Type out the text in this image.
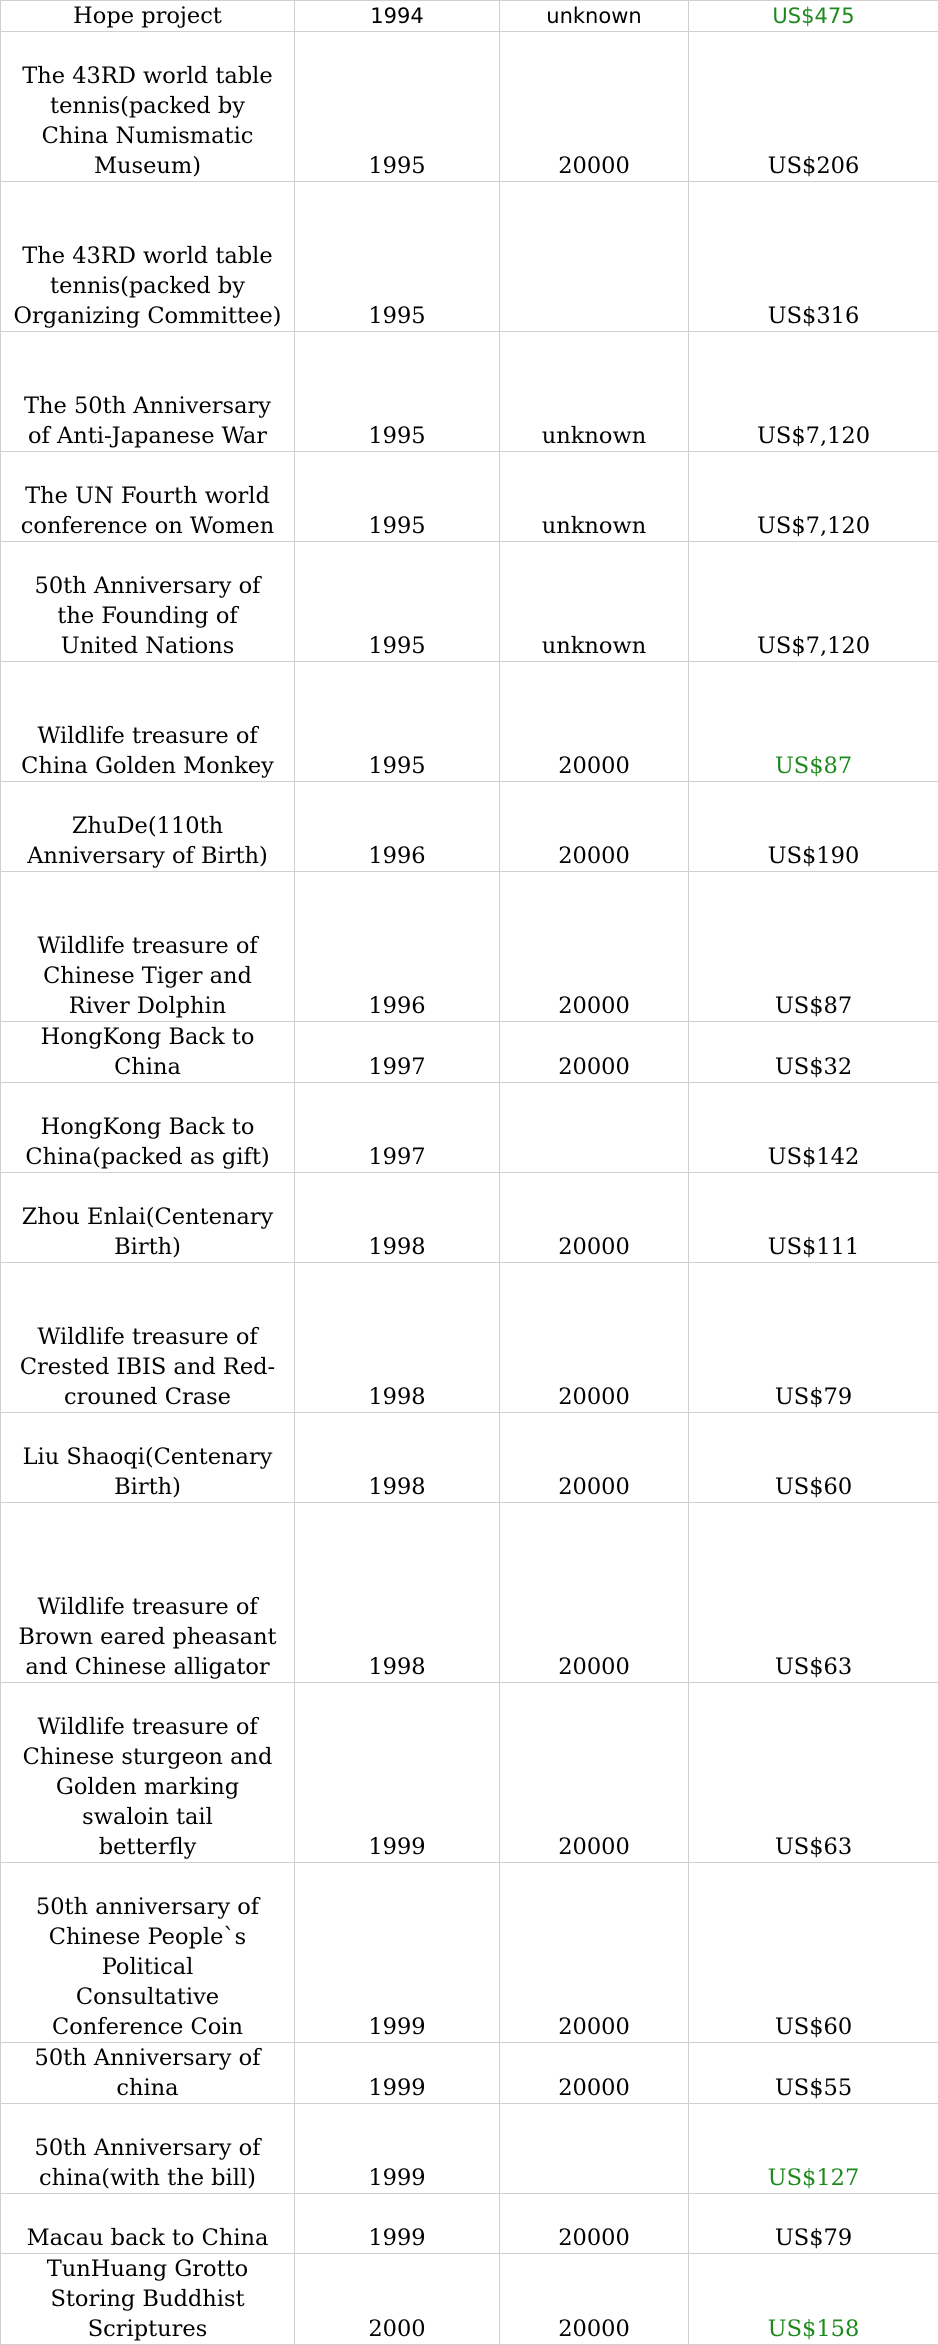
Hope project	1994	unknown	US$475
The 43RD world table
tennis(packed by
China Numismatic
Museum)	1995	20000	US$206
The 43RD world table
tennis(packed by
Organizing Committee)	1995		US$316
The 50th Anniversary
of Anti-Japanese War	1995	unknown	US$7,120
The UN Fourth world
conference on Women	1995	unknown	US$7,120
50th Anniversary of
the Founding of
United Nations	1995	unknown	US$7,120
Wildlife treasure of
China Golden Monkey	1995	20000	US$87
ZhuDe(110th
Anniversary of Birth)	1996	20000	US$190
Wildlife treasure of
Chinese Tiger and
River Dolphin	1996	20000	US$87
HongKong Back to
China	1997	20000	US$32
HongKong Back to
China(packed as gift)	1997		US$142
Zhou Enlai(Centenary
Birth)	1998	20000	US$111
Wildlife treasure of
Crested IBIS and Red-
crouned Crase	1998	20000	US$79
Liu Shaoqi(Centenary
Birth)	1998	20000	US$60
Wildlife treasure of
Brown eared pheasant
and Chinese alligator	1998	20000	US$63
Wildlife treasure of
Chinese sturgeon and
Golden marking
swaloin tail
betterfly	1999	20000	US$63
50th anniversary of
Chinese People`s
Political
Consultative
Conference Coin	1999	20000	US$60
50th Anniversary of
china	1999	20000	US$55
50th Anniversary of
china(with the bill)	1999		US$127
Macau back to China	1999	20000	US$79
TunHuang Grotto
Storing Buddhist
Scriptures	2000	20000	US$158
